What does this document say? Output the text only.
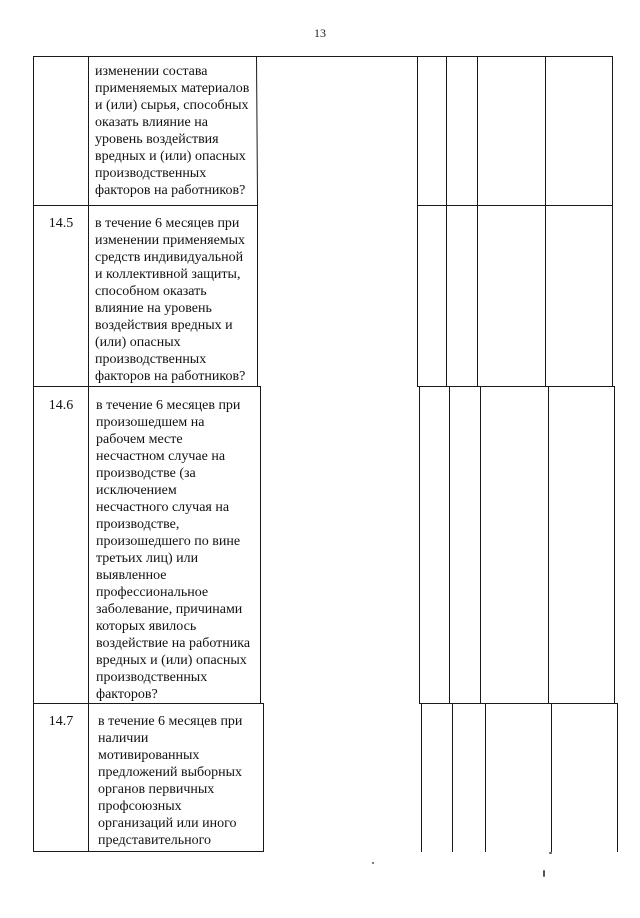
13
изменении состава
применяемых материалов
и (или) сырья, способных
оказать влияние на
уровень воздействия
вредных и (или) опасных
производственных
факторов на работников?
14.5	в течение 6 месяцев при
изменении применяемых
средств индивидуальной
и коллективной защиты,
способном оказать
влияние на уровень
воздействия вредных и
(или) опасных
производственных
факторов на работников?
14.6	в течение 6 месяцев при
произошедшем на
рабочем месте
несчастном случае на
производстве (за
исключением
несчастного случая на
производстве,
произошедшего по вине
третьих лиц) или
выявленное
профессиональное
заболевание, причинами
которых явилось
воздействие на работника
вредных и (или) опасных
производственных
факторов?
14.7	в течение 6 месяцев при
наличии
мотивированных
предложений выборных
органов первичных
профсоюзных
организаций или иного
представительного
